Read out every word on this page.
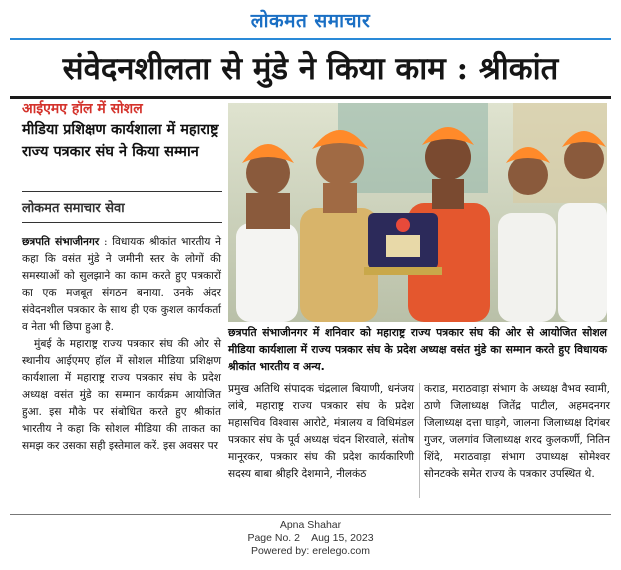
लोकमत समाचार
संवेदनशीलता से मुंडे ने किया काम : श्रीकांत
आईएमए हॉल में सोशल
मीडिया प्रशिक्षण कार्यशाला में महाराष्ट्र राज्य पत्रकार संघ ने किया सम्मान
लोकमत समाचार सेवा

छत्रपति संभाजीनगर : विधायक श्रीकांत भारतीय ने कहा कि वसंत मुंडे ने जमीनी स्तर के लोगों की समस्याओं को सुलझाने का काम करते हुए पत्रकारों का एक मजबूत संगठन बनाया. उनके अंदर संवेदनशील पत्रकार के साथ ही एक कुशल कार्यकर्ता व नेता भी छिपा हुआ है.

मुंबई के महाराष्ट्र राज्य पत्रकार संघ की ओर से स्थानीय आईएमए हॉल में सोशल मीडिया प्रशिक्षण कार्यशाला में महाराष्ट्र राज्य पत्रकार संघ के प्रदेश अध्यक्ष वसंत मुंडे का सम्मान कार्यक्रम आयोजित हुआ. इस मौके पर संबोधित करते हुए श्रीकांत भारतीय ने कहा कि सोशल मीडिया की ताकत का समझ कर उसका सही इस्तेमाल करें. इस अवसर पर

छत्रपति संभाजीनगर में शनिवार को महाराष्ट्र राज्य पत्रकार संघ की ओर से आयोजित सोशल मीडिया कार्यशाला में राज्य पत्रकार संघ के प्रदेश अध्यक्ष वसंत मुंडे का सम्मान करते हुए विधायक श्रीकांत भारतीय व अन्य.
प्रमुख अतिथि संपादक चंद्रलाल बियाणी, धनंजय लांबे, महाराष्ट्र राज्य पत्रकार संघ के प्रदेश महासचिव विश्वास आरोटे, मंत्रालय व विधिमंडल पत्रकार संघ के पूर्व अध्यक्ष चंदन शिरवाले, संतोष मानूरकर, पत्रकार संघ की प्रदेश कार्यकारिणी सदस्य बाबा श्रीहरि देशमाने, नीलकंठ
कराड, मराठवाड़ा संभाग के अध्यक्ष वैभव स्वामी, ठाणे जिलाध्यक्ष जितेंद्र पाटील, अहमदनगर जिलाध्यक्ष दत्ता घाड़गे, जालना जिलाध्यक्ष दिगंबर गुजर, जलगांव जिलाध्यक्ष शरद कुलकर्णी, नितिन शिंदे, मराठवाड़ा संभाग उपाध्यक्ष सोमेश्वर सोनटक्के समेत राज्य के पत्रकार उपस्थित थे.
Apna Shahar
Page No. 2    Aug 15, 2023
Powered by: erelego.com
